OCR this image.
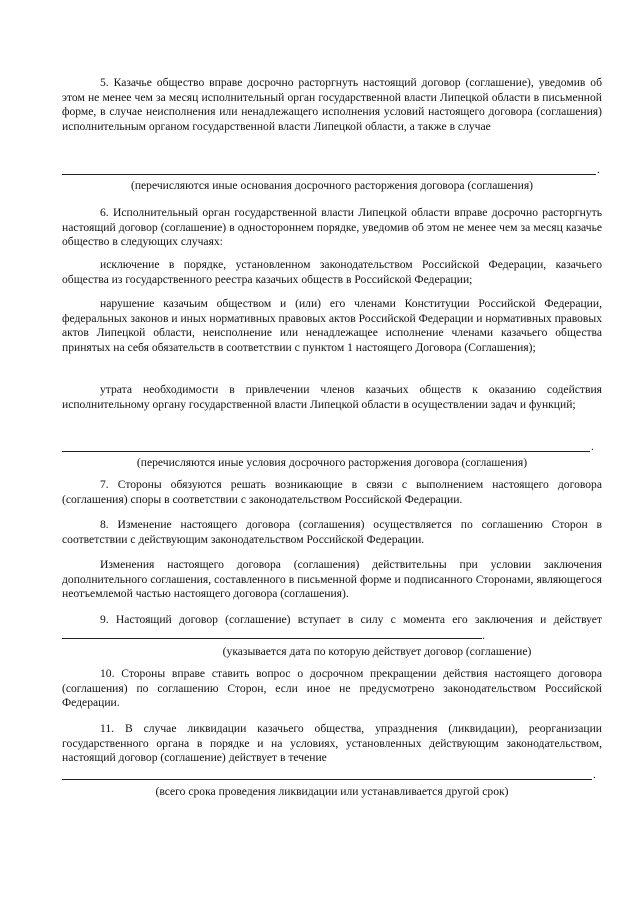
5. Казачье общество вправе досрочно расторгнуть настоящий договор (соглашение), уведомив об этом не менее чем за месяц исполнительный орган государственной власти Липецкой области в письменной форме, в случае неисполнения или ненадлежащего исполнения условий настоящего договора (соглашения) исполнительным органом государственной власти Липецкой области, а также в случае

.

(перечисляются иные основания досрочного расторжения договора (соглашения)

6. Исполнительный орган государственной власти Липецкой области вправе досрочно расторгнуть настоящий договор (соглашение) в одностороннем порядке, уведомив об этом не менее чем за месяц казачье общество в следующих случаях:

исключение в порядке, установленном законодательством Российской Федерации, казачьего общества из государственного реестра казачьих обществ в Российской Федерации;

нарушение казачьим обществом и (или) его членами Конституции Российской Федерации, федеральных законов и иных нормативных правовых актов Российской Федерации и нормативных правовых актов Липецкой области, неисполнение или ненадлежащее исполнение членами казачьего общества принятых на себя обязательств в соответствии с пунктом 1 настоящего Договора (Соглашения);

утрата необходимости в привлечении членов казачьих обществ к оказанию содействия исполнительному органу государственной власти Липецкой области в осуществлении задач и функций;

.

(перечисляются иные условия досрочного расторжения договора (соглашения)

7. Стороны обязуются решать возникающие в связи с выполнением настоящего договора (соглашения) споры в соответствии с законодательством Российской Федерации.

8. Изменение настоящего договора (соглашения) осуществляется по соглашению Сторон в соответствии с действующим законодательством Российской Федерации.

Изменения настоящего договора (соглашения) действительны при условии заключения дополнительного соглашения, составленного в письменной форме и подписанного Сторонами, являющегося неотъемлемой частью настоящего договора (соглашения).

9. Настоящий договор (соглашение) вступает в силу с момента его заключения и действует .

(указывается дата по которую действует договор (соглашение)

10. Стороны вправе ставить вопрос о досрочном прекращении действия настоящего договора (соглашения) по соглашению Сторон, если иное не предусмотрено законодательством Российской Федерации.

11. В случае ликвидации казачьего общества, упразднения (ликвидации), реорганизации государственного органа в порядке и на условиях, установленных действующим законодательством, настоящий договор (соглашение) действует в течение

.

(всего срока проведения ликвидации или устанавливается другой срок)
